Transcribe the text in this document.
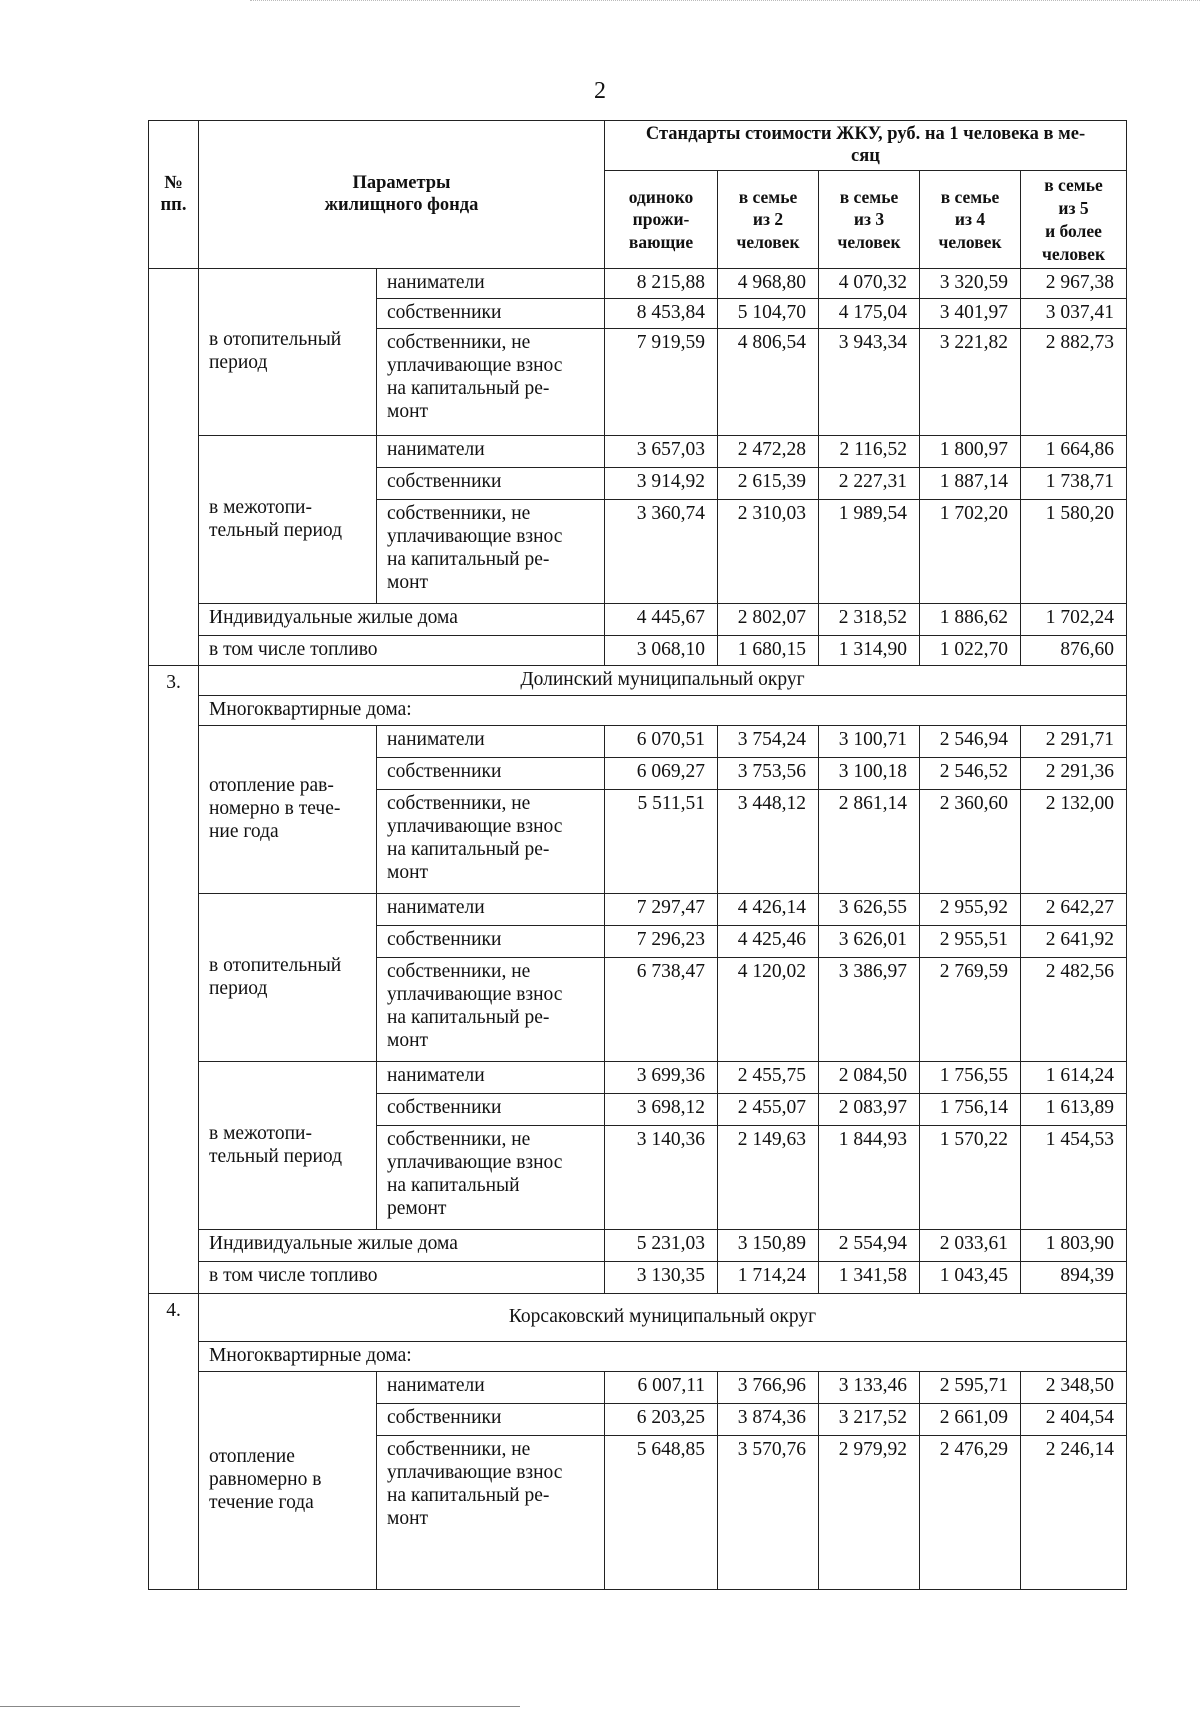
2
№
пп.	Параметры
жилищного фонда		Стандарты стоимости ЖКУ, руб. на 1 человека в ме-
сяц				
			одиноко
прожи-
вающие	в семье
из 2
человек	в семье
из 3
человек	в семье
из 4
человек	в семье
из 5
и более
человек
	в отопительный
период	наниматели	8 215,88	4 968,80	4 070,32	3 320,59	2 967,38
		собственники	8 453,84	5 104,70	4 175,04	3 401,97	3 037,41
		собственники, не
уплачивающие взнос
на капитальный ре-
монт	7 919,59	4 806,54	3 943,34	3 221,82	2 882,73
	в межотопи-
тельный период	наниматели	3 657,03	2 472,28	2 116,52	1 800,97	1 664,86
		собственники	3 914,92	2 615,39	2 227,31	1 887,14	1 738,71
		собственники, не
уплачивающие взнос
на капитальный ре-
монт	3 360,74	2 310,03	1 989,54	1 702,20	1 580,20
	Индивидуальные жилые дома		4 445,67	2 802,07	2 318,52	1 886,62	1 702,24
	в том числе топливо		3 068,10	1 680,15	1 314,90	1 022,70	876,60
3.	Долинский муниципальный округ						
	Многоквартирные дома:						
	отопление рав-
номерно в тече-
ние года	наниматели	6 070,51	3 754,24	3 100,71	2 546,94	2 291,71
		собственники	6 069,27	3 753,56	3 100,18	2 546,52	2 291,36
		собственники, не
уплачивающие взнос
на капитальный ре-
монт	5 511,51	3 448,12	2 861,14	2 360,60	2 132,00
	в отопительный
период	наниматели	7 297,47	4 426,14	3 626,55	2 955,92	2 642,27
		собственники	7 296,23	4 425,46	3 626,01	2 955,51	2 641,92
		собственники, не
уплачивающие взнос
на капитальный ре-
монт	6 738,47	4 120,02	3 386,97	2 769,59	2 482,56
	в межотопи-
тельный период	наниматели	3 699,36	2 455,75	2 084,50	1 756,55	1 614,24
		собственники	3 698,12	2 455,07	2 083,97	1 756,14	1 613,89
		собственники, не
уплачивающие взнос
на капитальный
ремонт	3 140,36	2 149,63	1 844,93	1 570,22	1 454,53
	Индивидуальные жилые дома		5 231,03	3 150,89	2 554,94	2 033,61	1 803,90
	в том числе топливо		3 130,35	1 714,24	1 341,58	1 043,45	894,39
4.	Корсаковский муниципальный округ						
	Многоквартирные дома:						
	отопление
равномерно в
течение года	наниматели	6 007,11	3 766,96	3 133,46	2 595,71	2 348,50
		собственники	6 203,25	3 874,36	3 217,52	2 661,09	2 404,54
		собственники, не
уплачивающие взнос
на капитальный ре-
монт	5 648,85	3 570,76	2 979,92	2 476,29	2 246,14
